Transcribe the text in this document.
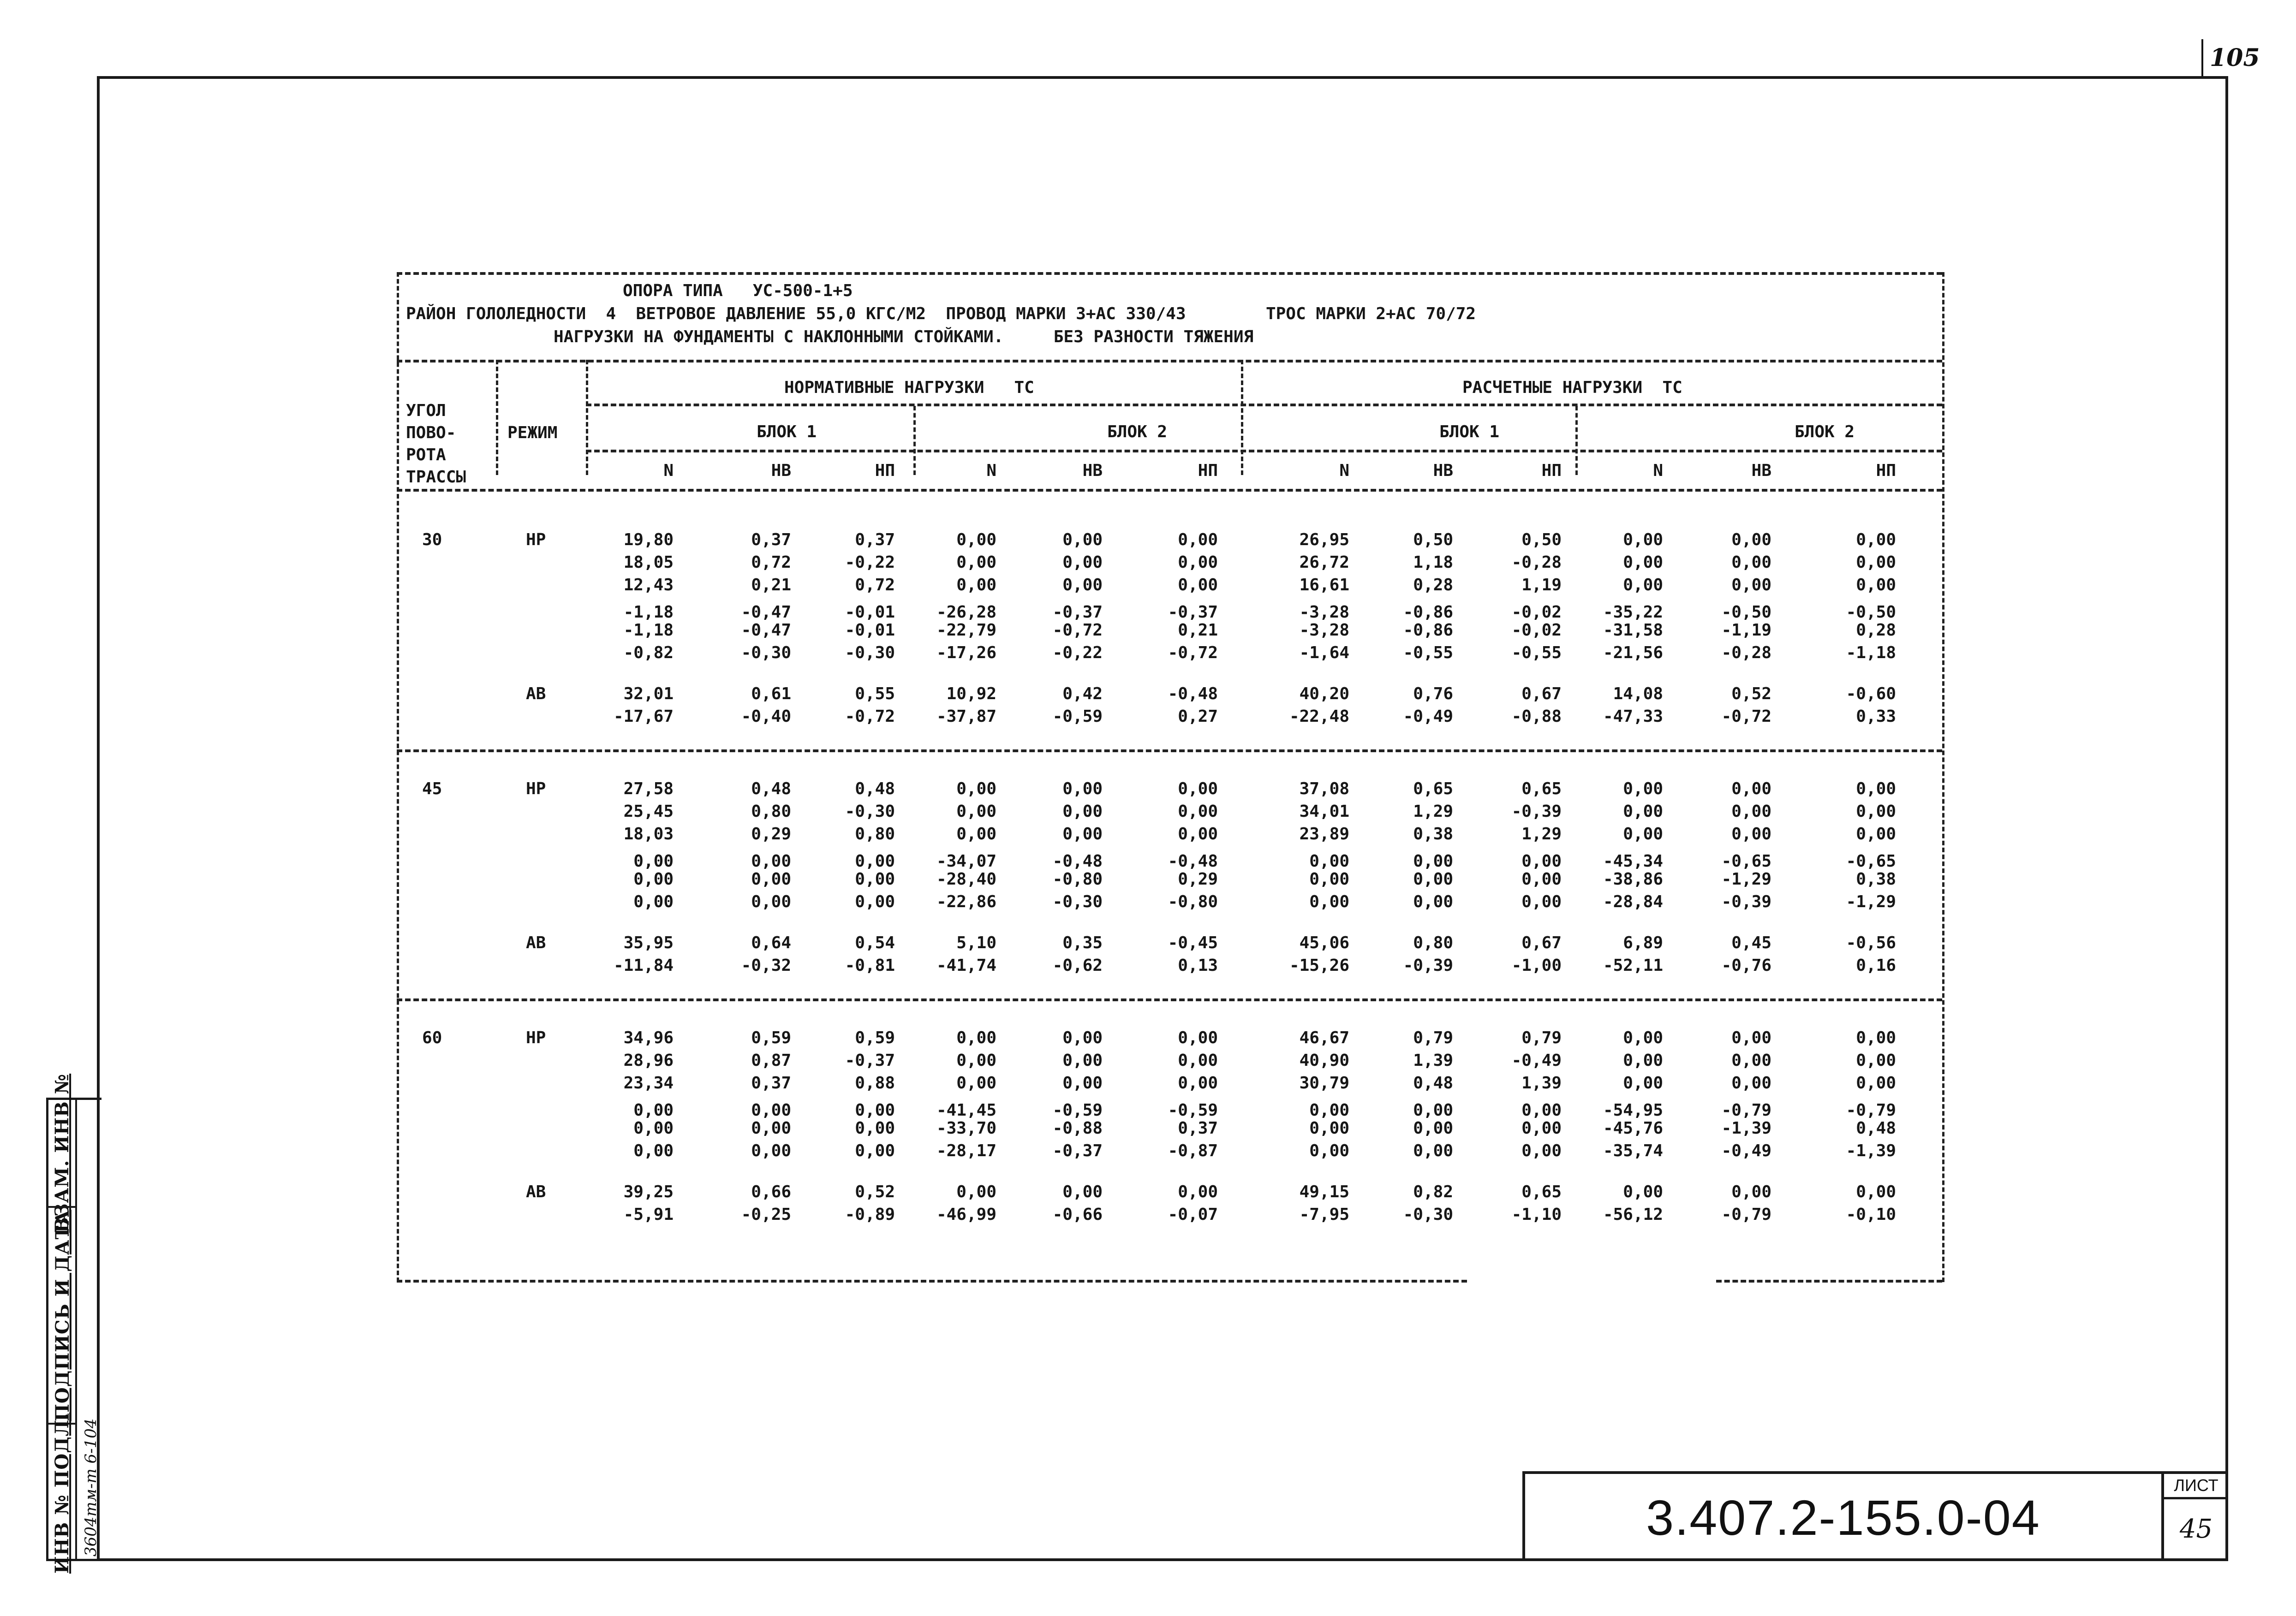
105
ВЗАМ. ИНВ №
ПОДПИСЬ И ДАТА
ИНВ № ПОДЛ. 3604тм-т 6-104	3.407.2-155.0-04
ЛИСТ
45
ОПОРА ТИПА   УС-500-1+5
РАЙОН ГОЛОЛЕДНОСТИ  4  ВЕТРОВОЕ ДАВЛЕНИЕ 55,0 КГС/М2  ПРОВОД МАРКИ 3+АС 330/43        ТРОС МАРКИ 2+АС 70/72
НАГРУЗКИ НА ФУНДАМЕНТЫ С НАКЛОННЫМИ СТОЙКАМИ.     БЕЗ РАЗНОСТИ ТЯЖЕНИЯ
УГОЛ
ПОВО-
РОТА
ТРАССЫ
РЕЖИМ
НОРМАТИВНЫЕ НАГРУЗКИ   ТС	РАСЧЕТНЫЕ НАГРУЗКИ  ТС
БЛОК 1	БЛОК 2	БЛОК 1	БЛОК 2
N	НВ	НП	N	НВ	НП	N	НВ	НП	N	НВ	НП
30	НР	19,80	0,37	0,37	0,00	0,00	0,00	26,95	0,50	0,50	0,00	0,00	0,00
18,05	0,72	-0,22	0,00	0,00	0,00	26,72	1,18	-0,28	0,00	0,00	0,00
12,43	0,21	0,72	0,00	0,00	0,00	16,61	0,28	1,19	0,00	0,00	0,00
-1,18	-0,47	-0,01	-26,28	-0,37	-0,37	-3,28	-0,86	-0,02	-35,22	-0,50	-0,50
-1,18	-0,47	-0,01	-22,79	-0,72	0,21	-3,28	-0,86	-0,02	-31,58	-1,19	0,28
-0,82	-0,30	-0,30	-17,26	-0,22	-0,72	-1,64	-0,55	-0,55	-21,56	-0,28	-1,18
АВ	32,01	0,61	0,55	10,92	0,42	-0,48	40,20	0,76	0,67	14,08	0,52	-0,60
-17,67	-0,40	-0,72	-37,87	-0,59	0,27	-22,48	-0,49	-0,88	-47,33	-0,72	0,33
45	НР	27,58	0,48	0,48	0,00	0,00	0,00	37,08	0,65	0,65	0,00	0,00	0,00
25,45	0,80	-0,30	0,00	0,00	0,00	34,01	1,29	-0,39	0,00	0,00	0,00
18,03	0,29	0,80	0,00	0,00	0,00	23,89	0,38	1,29	0,00	0,00	0,00
0,00	0,00	0,00	-34,07	-0,48	-0,48	0,00	0,00	0,00	-45,34	-0,65	-0,65
0,00	0,00	0,00	-28,40	-0,80	0,29	0,00	0,00	0,00	-38,86	-1,29	0,38
0,00	0,00	0,00	-22,86	-0,30	-0,80	0,00	0,00	0,00	-28,84	-0,39	-1,29
АВ	35,95	0,64	0,54	5,10	0,35	-0,45	45,06	0,80	0,67	6,89	0,45	-0,56
-11,84	-0,32	-0,81	-41,74	-0,62	0,13	-15,26	-0,39	-1,00	-52,11	-0,76	0,16
60	НР	34,96	0,59	0,59	0,00	0,00	0,00	46,67	0,79	0,79	0,00	0,00	0,00
28,96	0,87	-0,37	0,00	0,00	0,00	40,90	1,39	-0,49	0,00	0,00	0,00
23,34	0,37	0,88	0,00	0,00	0,00	30,79	0,48	1,39	0,00	0,00	0,00
0,00	0,00	0,00	-41,45	-0,59	-0,59	0,00	0,00	0,00	-54,95	-0,79	-0,79
0,00	0,00	0,00	-33,70	-0,88	0,37	0,00	0,00	0,00	-45,76	-1,39	0,48
0,00	0,00	0,00	-28,17	-0,37	-0,87	0,00	0,00	0,00	-35,74	-0,49	-1,39
АВ	39,25	0,66	0,52	0,00	0,00	0,00	49,15	0,82	0,65	0,00	0,00	0,00
-5,91	-0,25	-0,89	-46,99	-0,66	-0,07	-7,95	-0,30	-1,10	-56,12	-0,79	-0,10
